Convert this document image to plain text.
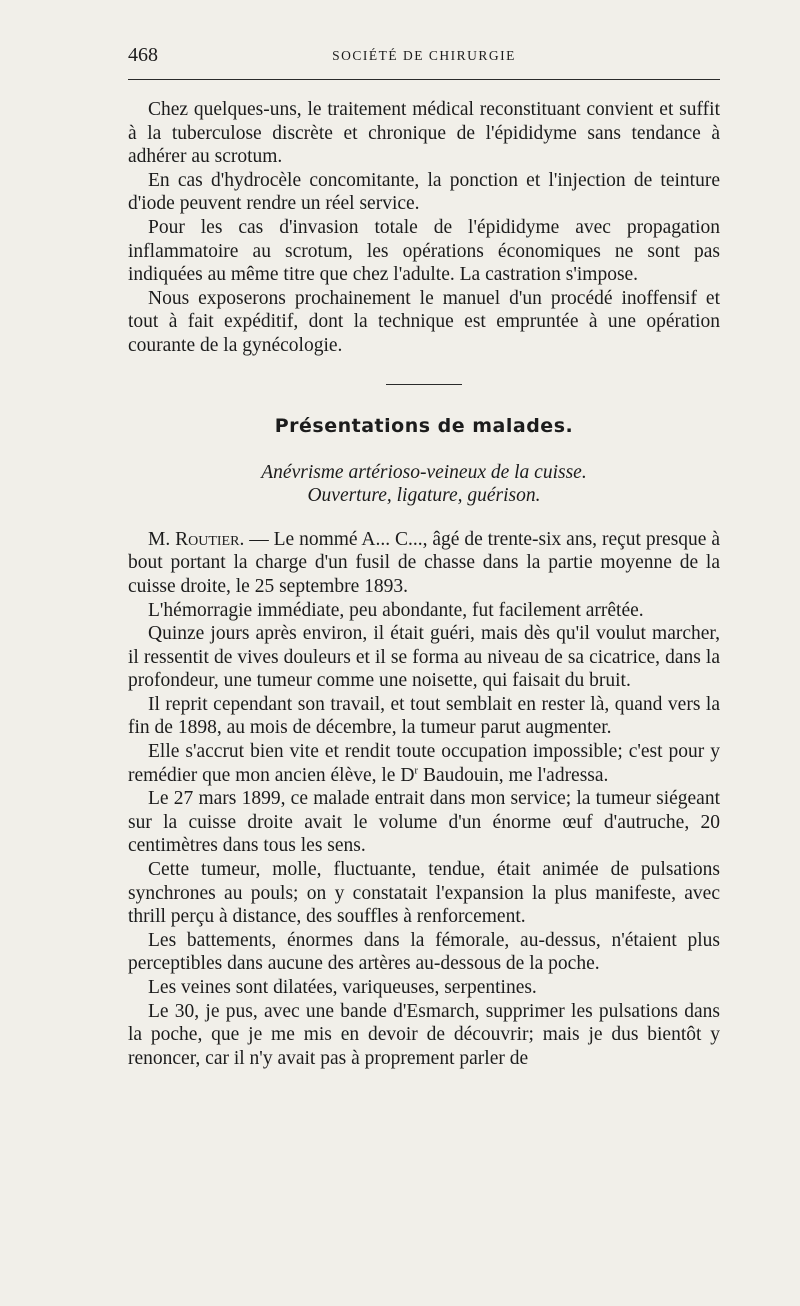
468	SOCIÉTÉ DE CHIRURGIE

Chez quelques-uns, le traitement médical reconstituant convient et suffit à la tuberculose discrète et chronique de l'épididyme sans tendance à adhérer au scrotum.

En cas d'hydrocèle concomitante, la ponction et l'injection de teinture d'iode peuvent rendre un réel service.

Pour les cas d'invasion totale de l'épididyme avec propagation inflammatoire au scrotum, les opérations économiques ne sont pas indiquées au même titre que chez l'adulte. La castration s'impose.

Nous exposerons prochainement le manuel d'un procédé inoffensif et tout à fait expéditif, dont la technique est empruntée à une opération courante de la gynécologie.

Présentations de malades.
Anévrisme artérioso-veineux de la cuisse.
Ouverture, ligature, guérison.

M. Routier. — Le nommé A... C..., âgé de trente-six ans, reçut presque à bout portant la charge d'un fusil de chasse dans la partie moyenne de la cuisse droite, le 25 septembre 1893.

L'hémorragie immédiate, peu abondante, fut facilement arrêtée.

Quinze jours après environ, il était guéri, mais dès qu'il voulut marcher, il ressentit de vives douleurs et il se forma au niveau de sa cicatrice, dans la profondeur, une tumeur comme une noisette, qui faisait du bruit.

Il reprit cependant son travail, et tout semblait en rester là, quand vers la fin de 1898, au mois de décembre, la tumeur parut augmenter.

Elle s'accrut bien vite et rendit toute occupation impossible; c'est pour y remédier que mon ancien élève, le $D^r$ Baudouin, me l'adressa.

Le 27 mars 1899, ce malade entrait dans mon service; la tumeur siégeant sur la cuisse droite avait le volume d'un énorme œuf d'autruche, 20 centimètres dans tous les sens.

Cette tumeur, molle, fluctuante, tendue, était animée de pulsations synchrones au pouls; on y constatait l'expansion la plus manifeste, avec thrill perçu à distance, des souffles à renforcement.

Les battements, énormes dans la fémorale, au-dessus, n'étaient plus perceptibles dans aucune des artères au-dessous de la poche.

Les veines sont dilatées, variqueuses, serpentines.

Le 30, je pus, avec une bande d'Esmarch, supprimer les pulsations dans la poche, que je me mis en devoir de découvrir; mais je dus bientôt y renoncer, car il n'y avait pas à proprement parler de
